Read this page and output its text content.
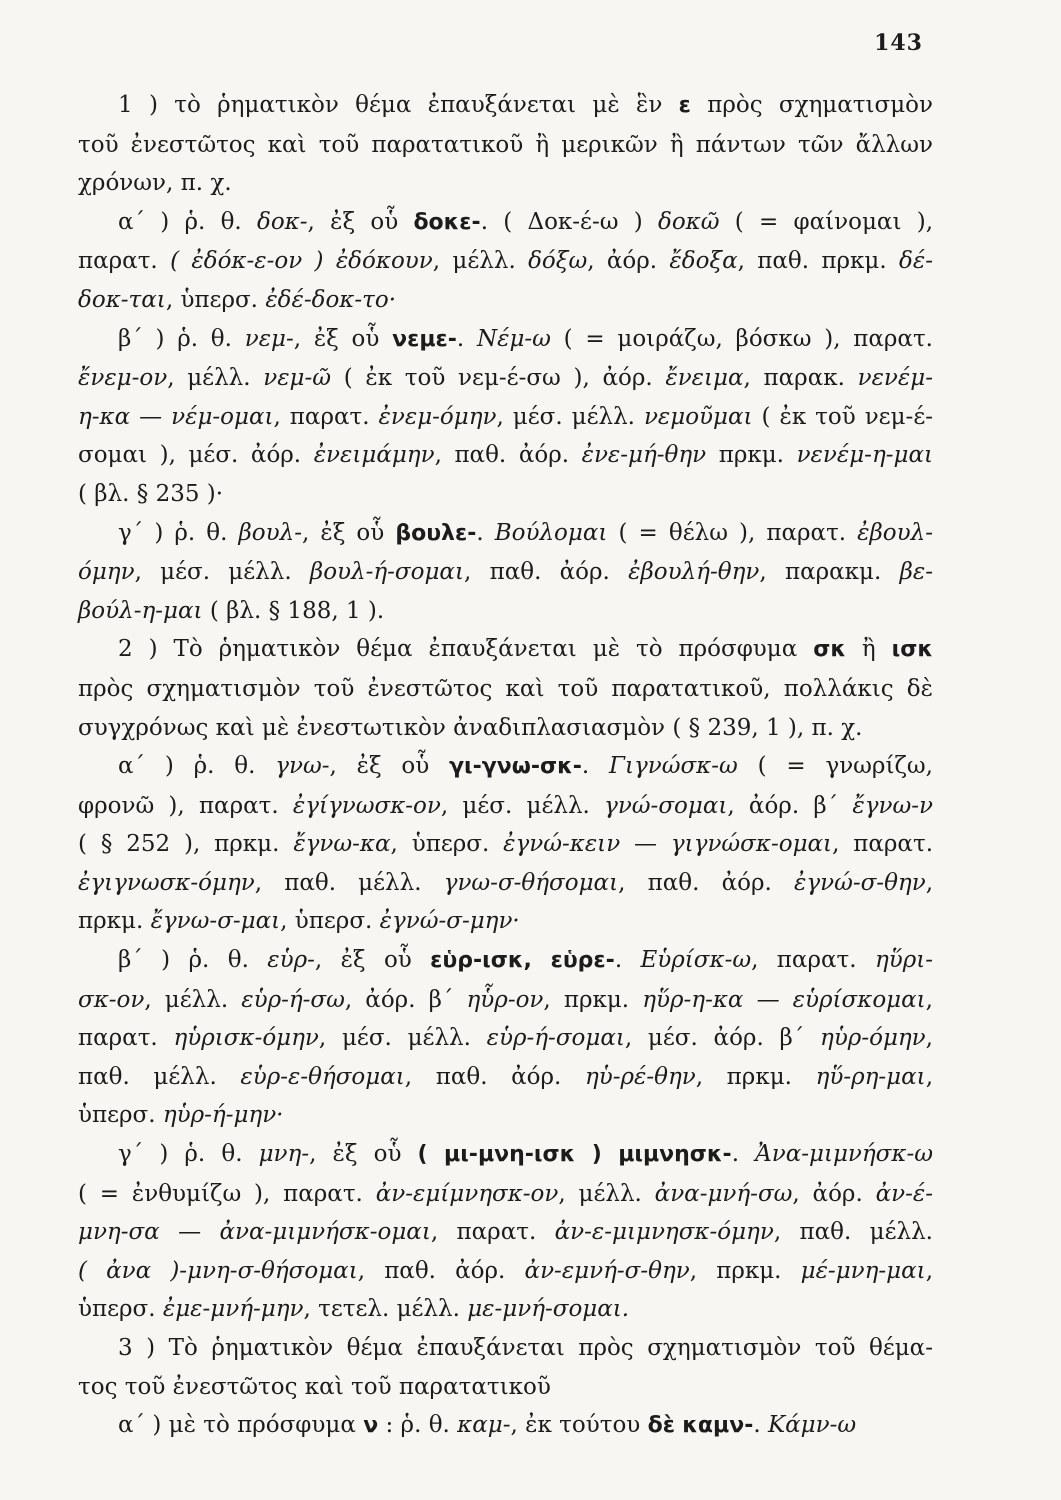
143
1 ) τὸ ῥηματικὸν θέμα ἐπαυξάνεται μὲ ἓν ε πρὸς σχηματισμὸν
τοῦ ἐνεστῶτος καὶ τοῦ παρατατικοῦ ἢ μερικῶν ἢ πάντων τῶν ἄλλων
χρόνων, π. χ.
α΄ ) ῥ. θ. δοκ-, ἐξ οὗ δοκε-. ( Δοκ-έ-ω ) δοκῶ ( = φαίνομαι ),
παρατ. ( ἐδόκ-ε-ον ) ἐδόκουν, μέλλ. δόξω, ἀόρ. ἔδοξα, παθ. πρκμ. δέ-
δοκ-ται, ὑπερσ. ἐδέ-δοκ-το·
β΄ ) ῥ. θ. νεμ-, ἐξ οὗ νεμε-. Νέμ-ω ( = μοιράζω, βόσκω ), παρατ.
ἔνεμ-ον, μέλλ. νεμ-ῶ ( ἐκ τοῦ νεμ-έ-σω ), ἀόρ. ἔνειμα, παρακ. νενέμ-
η-κα — νέμ-ομαι, παρατ. ἐνεμ-όμην, μέσ. μέλλ. νεμοῦμαι ( ἐκ τοῦ νεμ-έ-
σομαι ), μέσ. ἀόρ. ἐνειμάμην, παθ. ἀόρ. ἐνε-μή-θην πρκμ. νενέμ-η-μαι
( βλ. § 235 )·
γ΄ ) ῥ. θ. βουλ-, ἐξ οὗ βουλε-. Βούλομαι ( = θέλω ), παρατ. ἐβουλ-
όμην, μέσ. μέλλ. βουλ-ή-σομαι, παθ. ἀόρ. ἐβουλή-θην, παρακμ. βε-
βούλ-η-μαι ( βλ. § 188, 1 ).
2 ) Τὸ ῥηματικὸν θέμα ἐπαυξάνεται μὲ τὸ πρόσφυμα σκ ἢ ισκ
πρὸς σχηματισμὸν τοῦ ἐνεστῶτος καὶ τοῦ παρατατικοῦ, πολλάκις δὲ
συγχρόνως καὶ μὲ ἐνεστωτικὸν ἀναδιπλασιασμὸν ( § 239, 1 ), π. χ.
α΄ ) ῥ. θ. γνω-, ἐξ οὗ γι-γνω-σκ-. Γιγνώσκ-ω ( = γνωρίζω,
φρονῶ ), παρατ. ἐγίγνωσκ-ον, μέσ. μέλλ. γνώ-σομαι, ἀόρ. β΄ ἔγνω-ν
( § 252 ), πρκμ. ἔγνω-κα, ὑπερσ. ἐγνώ-κειν — γιγνώσκ-ομαι, παρατ.
ἐγιγνωσκ-όμην, παθ. μέλλ. γνω-σ-θήσομαι, παθ. ἀόρ. ἐγνώ-σ-θην,
πρκμ. ἔγνω-σ-μαι, ὑπερσ. ἐγνώ-σ-μην·
β΄ ) ῥ. θ. εὑρ-, ἐξ οὗ εὑρ-ισκ, εὑρε-. Εὑρίσκ-ω, παρατ. ηὕρι-
σκ-ον, μέλλ. εὑρ-ή-σω, ἀόρ. β΄ ηὗρ-ον, πρκμ. ηὕρ-η-κα — εὑρίσκομαι,
παρατ. ηὑρισκ-όμην, μέσ. μέλλ. εὑρ-ή-σομαι, μέσ. ἀόρ. β΄ ηὑρ-όμην,
παθ. μέλλ. εὑρ-ε-θήσομαι, παθ. ἀόρ. ηὑ-ρέ-θην, πρκμ. ηὕ-ρη-μαι,
ὑπερσ. ηὑρ-ή-μην·
γ΄ ) ῥ. θ. μνη-, ἐξ οὗ ( μι-μνη-ισκ ) μιμνησκ-. Ἀνα-μιμνήσκ-ω
( = ἐνθυμίζω ), παρατ. ἀν-εμίμνησκ-ον, μέλλ. ἀνα-μνή-σω, ἀόρ. ἀν-έ-
μνη-σα — ἀνα-μιμνήσκ-ομαι, παρατ. ἀν-ε-μιμνησκ-όμην, παθ. μέλλ.
( ἀνα )-μνη-σ-θήσομαι, παθ. ἀόρ. ἀν-εμνή-σ-θην, πρκμ. μέ-μνη-μαι,
ὑπερσ. ἐμε-μνή-μην, τετελ. μέλλ. με-μνή-σομαι.
3 ) Τὸ ῥηματικὸν θέμα ἐπαυξάνεται πρὸς σχηματισμὸν τοῦ θέμα-
τος τοῦ ἐνεστῶτος καὶ τοῦ παρατατικοῦ
α΄ ) μὲ τὸ πρόσφυμα ν : ῥ. θ. καμ-, ἐκ τούτου δὲ καμν-. Κάμν-ω
